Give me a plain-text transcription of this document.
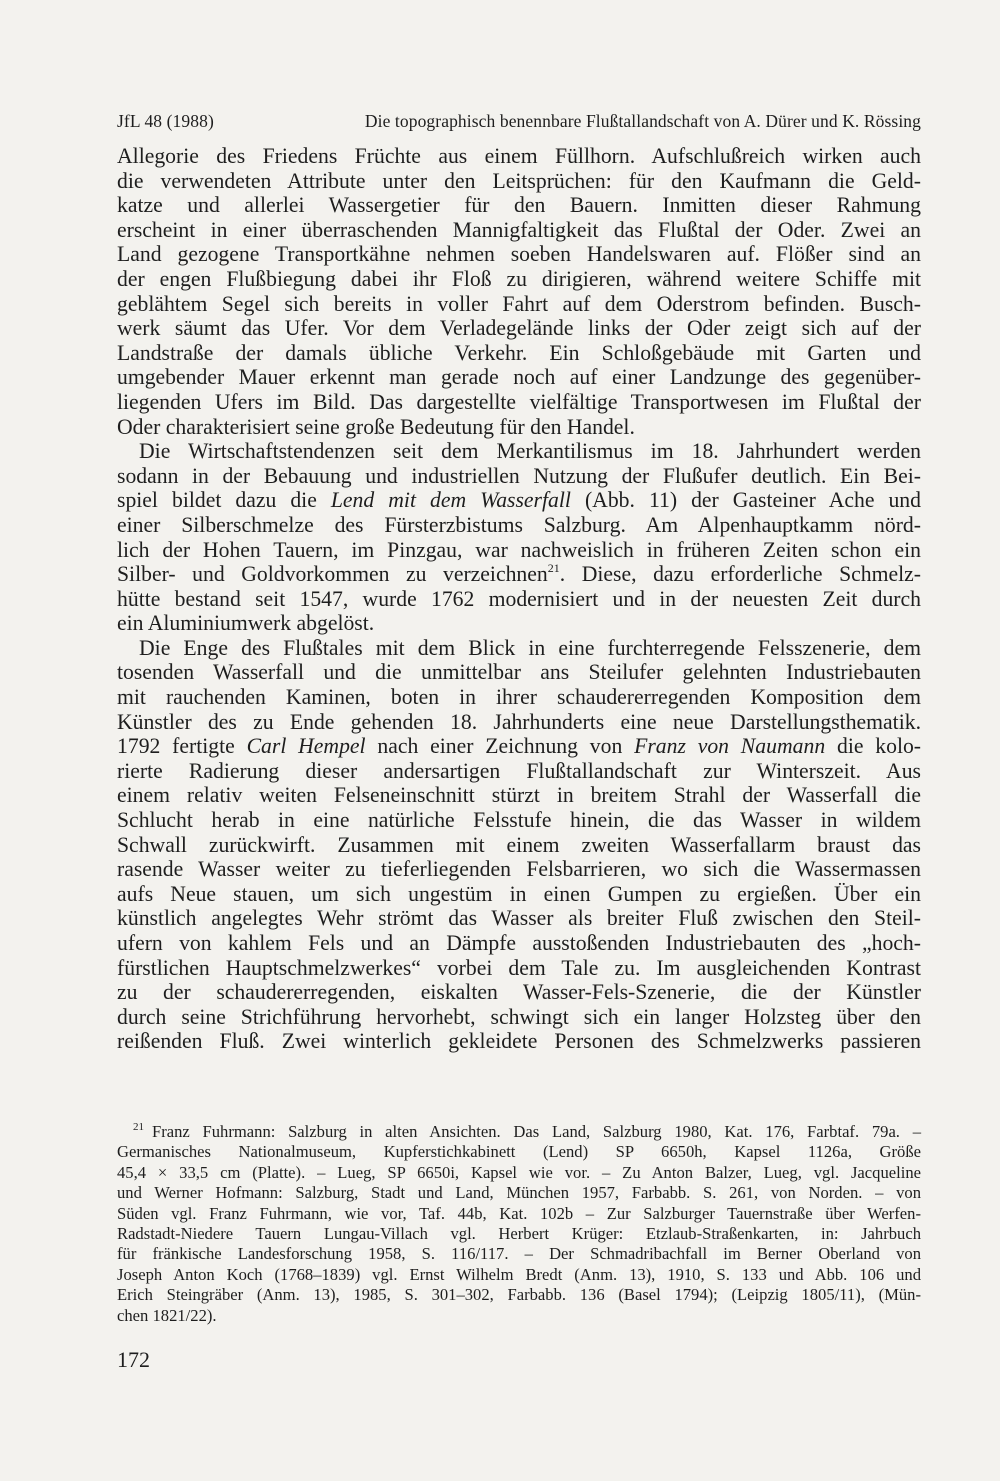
JfL 48 (1988)	Die topographisch benennbare Flußtallandschaft von A. Dürer und K. Rössing

Allegorie des Friedens Früchte aus einem Füllhorn. Aufschlußreich wirken auch
die verwendeten Attribute unter den Leitsprüchen: für den Kaufmann die Geld-
katze und allerlei Wassergetier für den Bauern. Inmitten dieser Rahmung
erscheint in einer überraschenden Mannigfaltigkeit das Flußtal der Oder. Zwei an
Land gezogene Transportkähne nehmen soeben Handelswaren auf. Flößer sind an
der engen Flußbiegung dabei ihr Floß zu dirigieren, während weitere Schiffe mit
geblähtem Segel sich bereits in voller Fahrt auf dem Oderstrom befinden. Busch-
werk säumt das Ufer. Vor dem Verladegelände links der Oder zeigt sich auf der
Landstraße der damals übliche Verkehr. Ein Schloßgebäude mit Garten und
umgebender Mauer erkennt man gerade noch auf einer Landzunge des gegenüber-
liegenden Ufers im Bild. Das dargestellte vielfältige Transportwesen im Flußtal der
Oder charakterisiert seine große Bedeutung für den Handel.

Die Wirtschaftstendenzen seit dem Merkantilismus im 18. Jahrhundert werden
sodann in der Bebauung und industriellen Nutzung der Flußufer deutlich. Ein Bei-
spiel bildet dazu die Lend mit dem Wasserfall (Abb. 11) der Gasteiner Ache und
einer Silberschmelze des Fürsterzbistums Salzburg. Am Alpenhauptkamm nörd-
lich der Hohen Tauern, im Pinzgau, war nachweislich in früheren Zeiten schon ein
Silber- und Goldvorkommen zu verzeichnen$^{21}$. Diese, dazu erforderliche Schmelz-
hütte bestand seit 1547, wurde 1762 modernisiert und in der neuesten Zeit durch
ein Aluminiumwerk abgelöst.

Die Enge des Flußtales mit dem Blick in eine furchterregende Felsszenerie, dem
tosenden Wasserfall und die unmittelbar ans Steilufer gelehnten Industriebauten
mit rauchenden Kaminen, boten in ihrer schaudererregenden Komposition dem
Künstler des zu Ende gehenden 18. Jahrhunderts eine neue Darstellungsthematik.
1792 fertigte Carl Hempel nach einer Zeichnung von Franz von Naumann die kolo-
rierte Radierung dieser andersartigen Flußtallandschaft zur Winterszeit. Aus
einem relativ weiten Felseneinschnitt stürzt in breitem Strahl der Wasserfall die
Schlucht herab in eine natürliche Felsstufe hinein, die das Wasser in wildem
Schwall zurückwirft. Zusammen mit einem zweiten Wasserfallarm braust das
rasende Wasser weiter zu tieferliegenden Felsbarrieren, wo sich die Wassermassen
aufs Neue stauen, um sich ungestüm in einen Gumpen zu ergießen. Über ein
künstlich angelegtes Wehr strömt das Wasser als breiter Fluß zwischen den Steil-
ufern von kahlem Fels und an Dämpfe ausstoßenden Industriebauten des „hoch-
fürstlichen Hauptschmelzwerkes“ vorbei dem Tale zu. Im ausgleichenden Kontrast
zu der schaudererregenden, eiskalten Wasser-Fels-Szenerie, die der Künstler
durch seine Strichführung hervorhebt, schwingt sich ein langer Holzsteg über den
reißenden Fluß. Zwei winterlich gekleidete Personen des Schmelzwerks passieren

$^{21}$ Franz Fuhrmann: Salzburg in alten Ansichten. Das Land, Salzburg 1980, Kat. 176, Farbtaf. 79a. –
Germanisches Nationalmuseum, Kupferstichkabinett (Lend) SP 6650h, Kapsel 1126a, Größe
45,4 × 33,5 cm (Platte). – Lueg, SP 6650i, Kapsel wie vor. – Zu Anton Balzer, Lueg, vgl. Jacqueline
und Werner Hofmann: Salzburg, Stadt und Land, München 1957, Farbabb. S. 261, von Norden. – von
Süden vgl. Franz Fuhrmann, wie vor, Taf. 44b, Kat. 102b – Zur Salzburger Tauernstraße über Werfen-
Radstadt-Niedere Tauern Lungau-Villach vgl. Herbert Krüger: Etzlaub-Straßenkarten, in: Jahrbuch
für fränkische Landesforschung 1958, S. 116/117. – Der Schmadribachfall im Berner Oberland von
Joseph Anton Koch (1768–1839) vgl. Ernst Wilhelm Bredt (Anm. 13), 1910, S. 133 und Abb. 106 und
Erich Steingräber (Anm. 13), 1985, S. 301–302, Farbabb. 136 (Basel 1794); (Leipzig 1805/11), (Mün-
chen 1821/22).
172
